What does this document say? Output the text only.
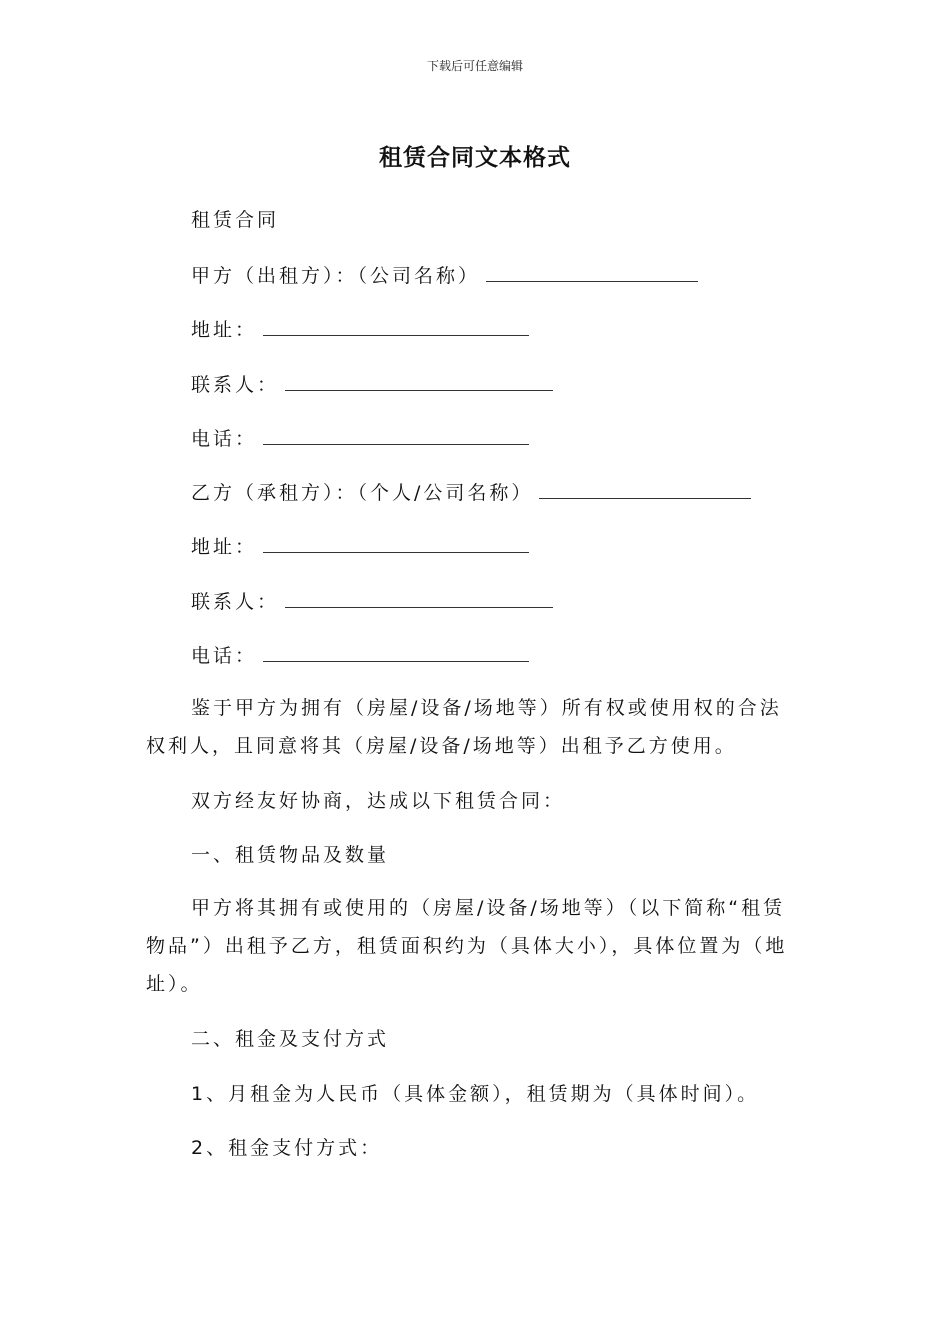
下载后可任意编辑
租赁合同文本格式
租赁合同
甲方（出租方）：（公司名称）
地址：
联系人：
电话：
乙方（承租方）：（个人/公司名称）
地址：
联系人：
电话：
鉴于甲方为拥有（房屋/设备/场地等）所有权或使用权的合法权利人，且同意将其（房屋/设备/场地等）出租予乙方使用。
双方经友好协商，达成以下租赁合同：
一、租赁物品及数量
甲方将其拥有或使用的（房屋/设备/场地等）（以下简称“租赁物品”）出租予乙方，租赁面积约为（具体大小），具体位置为（地址）。
二、租金及支付方式
1、月租金为人民币（具体金额），租赁期为（具体时间）。
2、租金支付方式：
